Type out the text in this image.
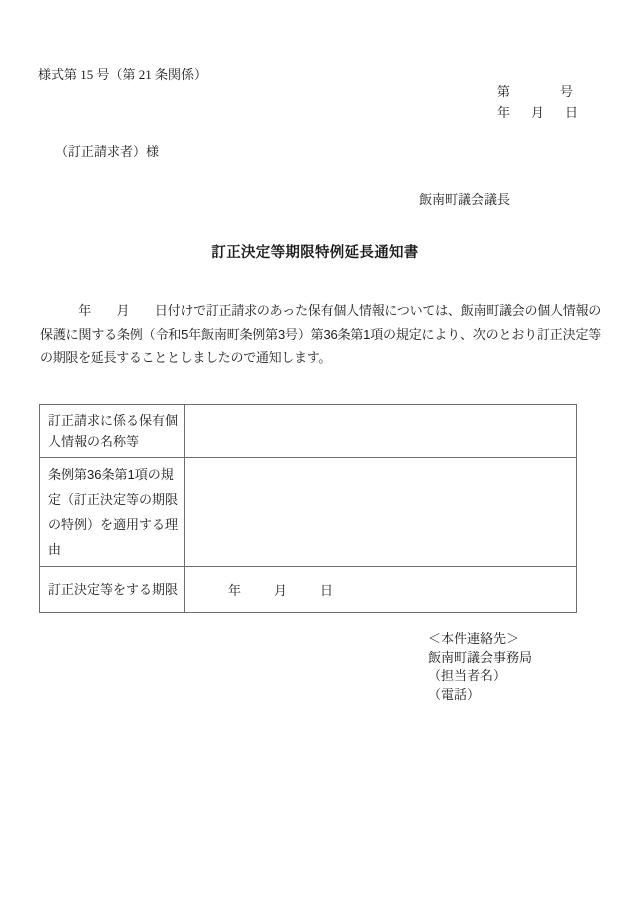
様式第 15 号（第 21 条関係）
第	号
年 月 日
（訂正請求者）様
飯南町議会議長
訂正決定等期限特例延長通知書
　　　年　　月　　日付けで訂正請求のあった保有個人情報については、飯南町議会の個人情報の保護に関する条例（令和5年飯南町条例第3号）第36条第1項の規定により、次のとおり訂正決定等の期限を延長することとしましたので通知します。
訂正請求に係る保有個人情報の名称等	
条例第36条第1項の規定（訂正決定等の期限の特例）を適用する理由	
訂正決定等をする期限	年 月 日
＜本件連絡先＞
飯南町議会事務局
（担当者名）
（電話）
